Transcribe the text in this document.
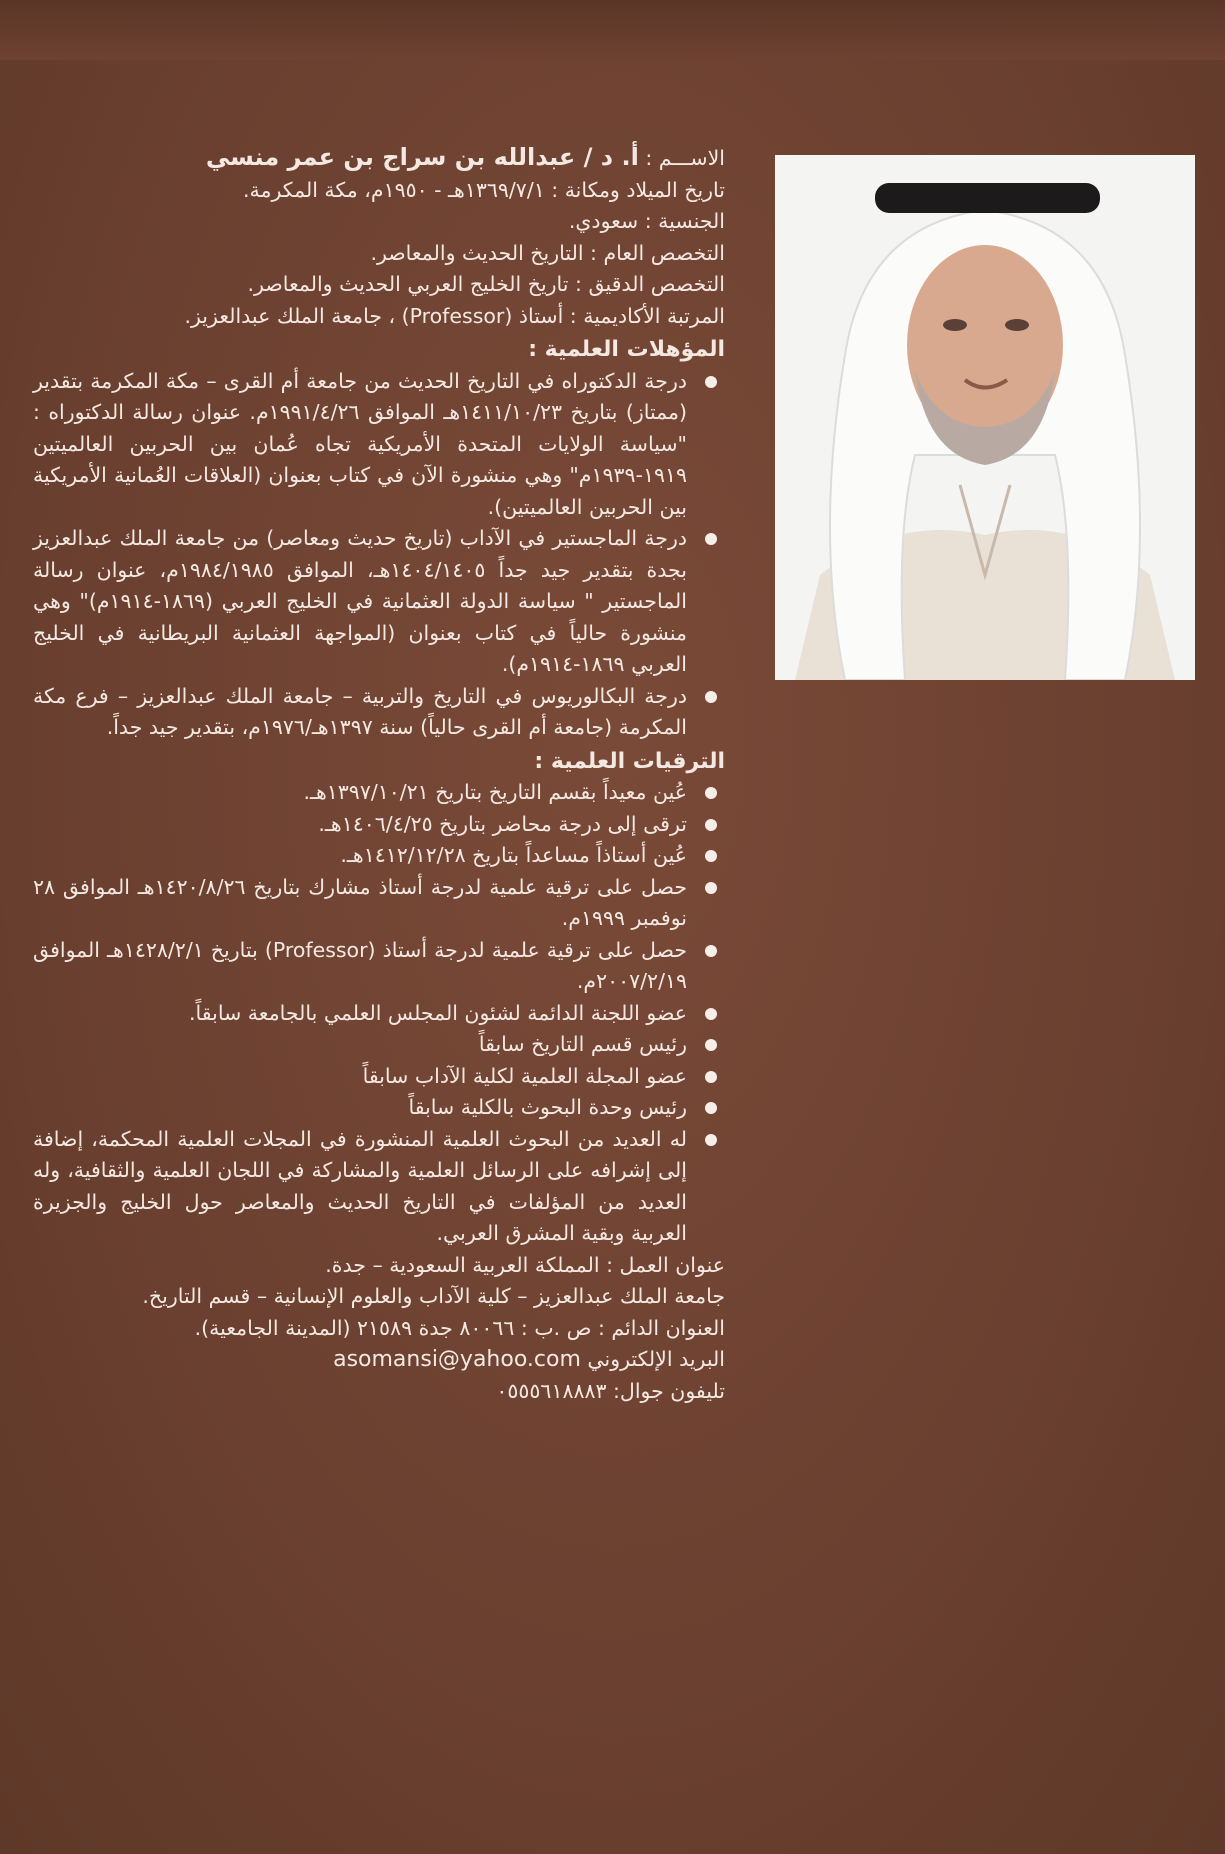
الاســـم : أ. د / عبدالله بن سراج بن عمر منسي

تاريخ الميلاد ومكانة : ١٣٦٩/٧/١هـ - ١٩٥٠م، مكة المكرمة.

الجنسية : سعودي.

التخصص العام : التاريخ الحديث والمعاصر.

التخصص الدقيق : تاريخ الخليج العربي الحديث والمعاصر.

المرتبة الأكاديمية : أستاذ (Professor) ، جامعة الملك عبدالعزيز.

المؤهلات العلمية :

درجة الدكتوراه في التاريخ الحديث من جامعة أم القرى – مكة المكرمة بتقدير (ممتاز) بتاريخ ١٤١١/١٠/٢٣هـ الموافق ١٩٩١/٤/٢٦م. عنوان رسالة الدكتوراه : "سياسة الولايات المتحدة الأمريكية تجاه عُمان بين الحربين العالميتين ١٩١٩-١٩٣٩م" وهي منشورة الآن في كتاب بعنوان (العلاقات العُمانية الأمريكية بين الحربين العالميتين).
درجة الماجستير في الآداب (تاريخ حديث ومعاصر) من جامعة الملك عبدالعزيز بجدة بتقدير جيد جداً ١٤٠٤/١٤٠٥هـ، الموافق ١٩٨٤/١٩٨٥م، عنوان رسالة الماجستير " سياسة الدولة العثمانية في الخليج العربي (١٨٦٩-١٩١٤م)" وهي منشورة حالياً في كتاب بعنوان (المواجهة العثمانية البريطانية في الخليج العربي ١٨٦٩-١٩١٤م).
درجة البكالوريوس في التاريخ والتربية – جامعة الملك عبدالعزيز – فرع مكة المكرمة (جامعة أم القرى حالياً) سنة ١٣٩٧هـ/١٩٧٦م، بتقدير جيد جداً.

الترقيات العلمية :

عُين معيداً بقسم التاريخ بتاريخ ١٣٩٧/١٠/٢١هـ.
ترقى إلى درجة محاضر بتاريخ ١٤٠٦/٤/٢٥هـ.
عُين أستاذاً مساعداً بتاريخ ١٤١٢/١٢/٢٨هـ.
حصل على ترقية علمية لدرجة أستاذ مشارك بتاريخ ١٤٢٠/٨/٢٦هـ الموافق ٢٨ نوفمبر ١٩٩٩م.
حصل على ترقية علمية لدرجة أستاذ (Professor) بتاريخ ١٤٢٨/٢/١هـ الموافق ٢٠٠٧/٢/١٩م.
عضو اللجنة الدائمة لشئون المجلس العلمي بالجامعة سابقاً.
رئيس قسم التاريخ سابقاً
عضو المجلة العلمية لكلية الآداب سابقاً
رئيس وحدة البحوث بالكلية سابقاً
له العديد من البحوث العلمية المنشورة في المجلات العلمية المحكمة، إضافة إلى إشرافه على الرسائل العلمية والمشاركة في اللجان العلمية والثقافية، وله العديد من المؤلفات في التاريخ الحديث والمعاصر حول الخليج والجزيرة العربية وبقية المشرق العربي.

عنوان العمل : المملكة العربية السعودية – جدة.

جامعة الملك عبدالعزيز – كلية الآداب والعلوم الإنسانية – قسم التاريخ.

العنوان الدائم : ص .ب : ٨٠٠٦٦ جدة ٢١٥٨٩ (المدينة الجامعية).

البريد الإلكتروني asomansi@yahoo.com

تليفون جوال: ٠٥٥٥٦١٨٨٨٣
